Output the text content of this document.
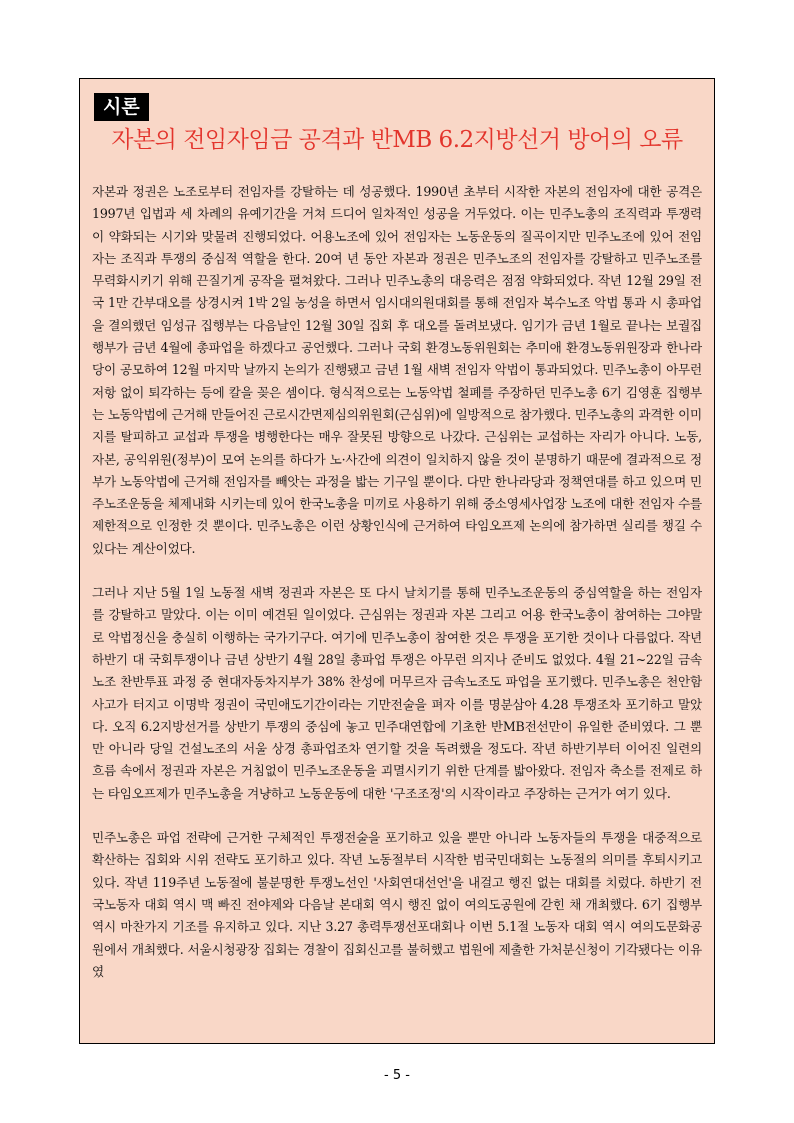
시론
자본의 전임자임금 공격과 반MB 6.2지방선거 방어의 오류

자본과 정권은 노조로부터 전임자를 강탈하는 데 성공했다. 1990년 초부터 시작한 자본의 전임자에 대한 공격은 1997년 입법과 세 차례의 유예기간을 거쳐 드디어 일차적인 성공을 거두었다. 이는 민주노총의 조직력과 투쟁력이 약화되는 시기와 맞물려 진행되었다. 어용노조에 있어 전임자는 노동운동의 질곡이지만 민주노조에 있어 전임자는 조직과 투쟁의 중심적 역할을 한다. 20여 년 동안 자본과 정권은 민주노조의 전임자를 강탈하고 민주노조를 무력화시키기 위해 끈질기게 공작을 펼쳐왔다. 그러나 민주노총의 대응력은 점점 약화되었다. 작년 12월 29일 전국 1만 간부대오를 상경시켜 1박 2일 농성을 하면서 임시대의원대회를 통해 전임자 복수노조 악법 통과 시 총파업을 결의했던 임성규 집행부는 다음날인 12월 30일 집회 후 대오를 돌려보냈다. 임기가 금년 1월로 끝나는 보궐집행부가 금년 4월에 총파업을 하겠다고 공언했다. 그러나 국회 환경노동위원회는 추미애 환경노동위원장과 한나라당이 공모하여 12월 마지막 날까지 논의가 진행됐고 금년 1월 새벽 전임자 악법이 통과되었다. 민주노총이 아무런 저항 없이 퇴각하는 등에 칼을 꽂은 셈이다. 형식적으로는 노동악법 철폐를 주장하던 민주노총 6기 김영훈 집행부는 노동악법에 근거해 만들어진 근로시간면제심의위원회(근심위)에 일방적으로 참가했다. 민주노총의 과격한 이미지를 탈피하고 교섭과 투쟁을 병행한다는 매우 잘못된 방향으로 나갔다. 근심위는 교섭하는 자리가 아니다. 노동, 자본, 공익위원(정부)이 모여 논의를 하다가 노·사간에 의견이 일치하지 않을 것이 분명하기 때문에 결과적으로 정부가 노동악법에 근거해 전임자를 빼앗는 과정을 밟는 기구일 뿐이다. 다만 한나라당과 정책연대를 하고 있으며 민주노조운동을 체제내화 시키는데 있어 한국노총을 미끼로 사용하기 위해 중소영세사업장 노조에 대한 전임자 수를 제한적으로 인정한 것 뿐이다. 민주노총은 이런 상황인식에 근거하여 타임오프제 논의에 참가하면 실리를 챙길 수 있다는 계산이었다.

그러나 지난 5월 1일 노동절 새벽 정권과 자본은 또 다시 날치기를 통해 민주노조운동의 중심역할을 하는 전임자를 강탈하고 말았다. 이는 이미 예견된 일이었다. 근심위는 정권과 자본 그리고 어용 한국노총이 참여하는 그야말로 악법정신을 충실히 이행하는 국가기구다. 여기에 민주노총이 참여한 것은 투쟁을 포기한 것이나 다름없다. 작년 하반기 대 국회투쟁이나 금년 상반기 4월 28일 총파업 투쟁은 아무런 의지나 준비도 없었다. 4월 21~22일 금속노조 찬반투표 과정 중 현대자동차지부가 38% 찬성에 머무르자 금속노조도 파업을 포기했다. 민주노총은 천안함 사고가 터지고 이명박 정권이 국민애도기간이라는 기만전술을 펴자 이를 명분삼아 4.28 투쟁조차 포기하고 말았다. 오직 6.2지방선거를 상반기 투쟁의 중심에 놓고 민주대연합에 기초한 반MB전선만이 유일한 준비였다. 그 뿐만 아니라 당일 건설노조의 서울 상경 총파업조차 연기할 것을 독려했을 정도다. 작년 하반기부터 이어진 일련의 흐름 속에서 정권과 자본은 거침없이 민주노조운동을 괴멸시키기 위한 단계를 밟아왔다. 전임자 축소를 전제로 하는 타임오프제가 민주노총을 겨냥하고 노동운동에 대한 '구조조정'의 시작이라고 주장하는 근거가 여기 있다.

민주노총은 파업 전략에 근거한 구체적인 투쟁전술을 포기하고 있을 뿐만 아니라 노동자들의 투쟁을 대중적으로 확산하는 집회와 시위 전략도 포기하고 있다. 작년 노동절부터 시작한 범국민대회는 노동절의 의미를 후퇴시키고 있다. 작년 119주년 노동절에 불분명한 투쟁노선인 '사회연대선언'을 내걸고 행진 없는 대회를 치렀다. 하반기 전국노동자 대회 역시 맥 빠진 전야제와 다음날 본대회 역시 행진 없이 여의도공원에 갇힌 채 개최했다. 6기 집행부 역시 마찬가지 기조를 유지하고 있다. 지난 3.27 총력투쟁선포대회나 이번 5.1절 노동자 대회 역시 여의도문화공원에서 개최했다. 서울시청광장 집회는 경찰이 집회신고를 불허했고 법원에 제출한 가처분신청이 기각됐다는 이유였

- 5 -
